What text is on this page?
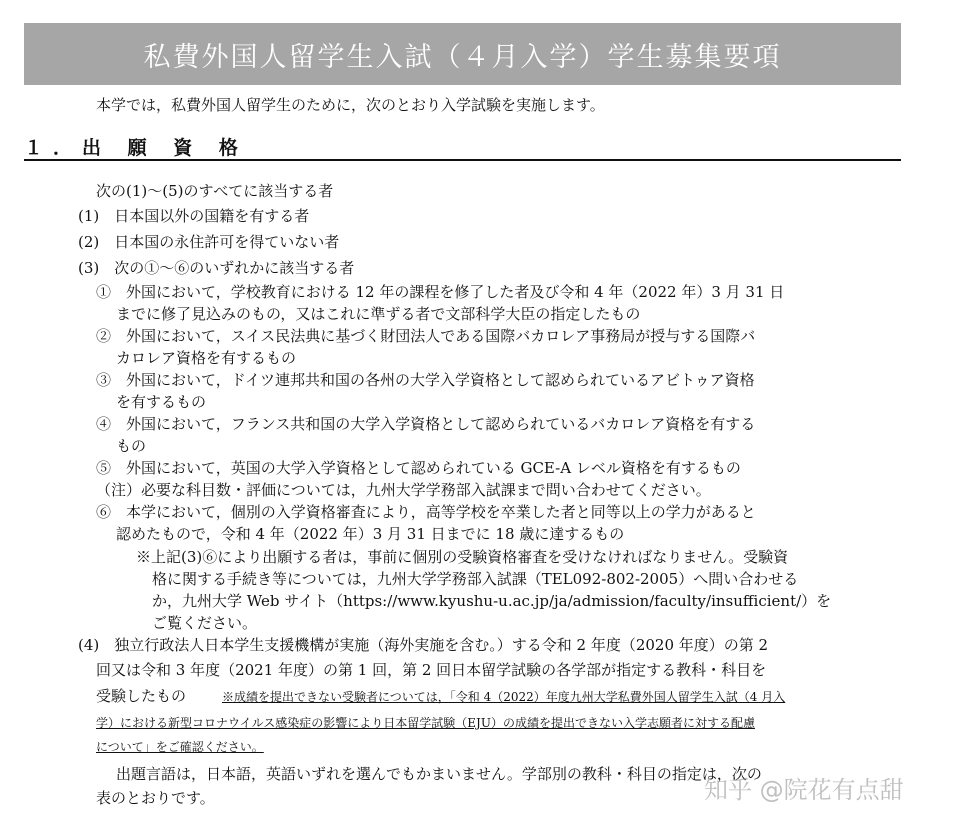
私費外国人留学生入試（４月入学）学生募集要項
本学では，私費外国人留学生のために，次のとおり入学試験を実施します。
１．出 願 資 格
次の(1)〜(5)のすべてに該当する者
(1)　日本国以外の国籍を有する者
(2)　日本国の永住許可を得ていない者
(3)　次の①〜⑥のいずれかに該当する者
①　外国において，学校教育における 12 年の課程を修了した者及び令和 4 年（2022 年）3 月 31 日
までに修了見込みのもの，又はこれに準ずる者で文部科学大臣の指定したもの
②　外国において，スイス民法典に基づく財団法人である国際バカロレア事務局が授与する国際バ
カロレア資格を有するもの
③　外国において，ドイツ連邦共和国の各州の大学入学資格として認められているアビトゥア資格
を有するもの
④　外国において，フランス共和国の大学入学資格として認められているバカロレア資格を有する
もの
⑤　外国において，英国の大学入学資格として認められている GCE-A レベル資格を有するもの
（注）必要な科目数・評価については，九州大学学務部入試課まで問い合わせてください。
⑥　本学において，個別の入学資格審査により，高等学校を卒業した者と同等以上の学力があると
認めたもので，令和 4 年（2022 年）3 月 31 日までに 18 歳に達するもの
※上記(3)⑥により出願する者は，事前に個別の受験資格審査を受けなければなりません。受験資
格に関する手続き等については，九州大学学務部入試課（TEL092-802-2005）へ問い合わせる
か，九州大学 Web サイト（https://www.kyushu-u.ac.jp/ja/admission/faculty/insufficient/）を
ご覧ください。
(4)　独立行政法人日本学生支援機構が実施（海外実施を含む。）する令和 2 年度（2020 年度）の第 2
回又は令和 3 年度（2021 年度）の第 1 回，第 2 回日本留学試験の各学部が指定する教科・科目を
受験したもの	※成績を提出できない受験者については，「令和 4（2022）年度九州大学私費外国人留学生入試（4 月入
学）における新型コロナウイルス感染症の影響により日本留学試験（EJU）の成績を提出できない入学志願者に対する配慮
について」をご確認ください。
出題言語は，日本語，英語いずれを選んでもかまいません。学部別の教科・科目の指定は，次の
表のとおりです。	知乎 @院花有点甜
